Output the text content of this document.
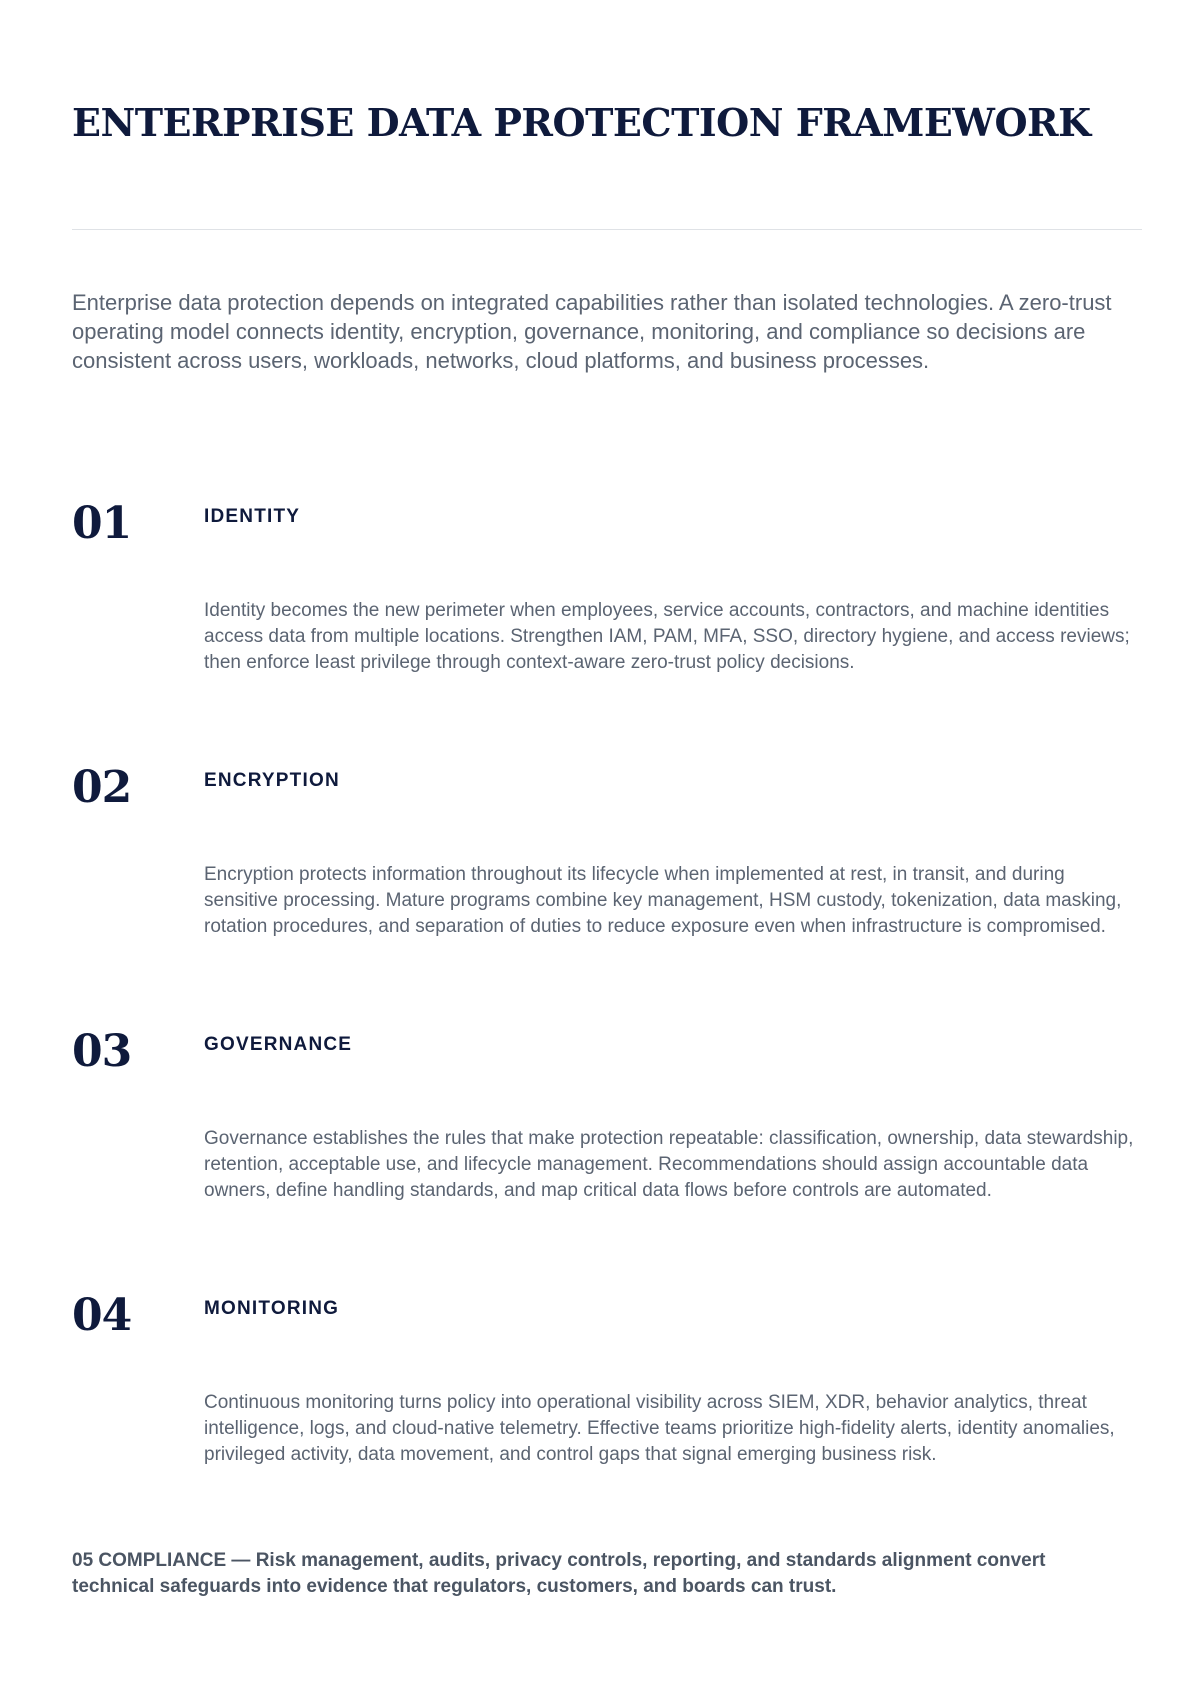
ENTERPRISE DATA PROTECTION FRAMEWORK

Enterprise data protection depends on integrated capabilities rather than isolated technologies. A zero-trust operating model connects identity, encryption, governance, monitoring, and compliance so decisions are consistent across users, workloads, networks, cloud platforms, and business processes.

01	IDENTITY

Identity becomes the new perimeter when employees, service accounts, contractors, and machine identities access data from multiple locations. Strengthen IAM, PAM, MFA, SSO, directory hygiene, and access reviews; then enforce least privilege through context-aware zero-trust policy decisions.

02	ENCRYPTION

Encryption protects information throughout its lifecycle when implemented at rest, in transit, and during sensitive processing. Mature programs combine key management, HSM custody, tokenization, data masking, rotation procedures, and separation of duties to reduce exposure even when infrastructure is compromised.

03	GOVERNANCE

Governance establishes the rules that make protection repeatable: classification, ownership, data stewardship, retention, acceptable use, and lifecycle management. Recommendations should assign accountable data owners, define handling standards, and map critical data flows before controls are automated.

04	MONITORING

Continuous monitoring turns policy into operational visibility across SIEM, XDR, behavior analytics, threat intelligence, logs, and cloud-native telemetry. Effective teams prioritize high-fidelity alerts, identity anomalies, privileged activity, data movement, and control gaps that signal emerging business risk.

05 COMPLIANCE — Risk management, audits, privacy controls, reporting, and standards alignment convert technical safeguards into evidence that regulators, customers, and boards can trust.
